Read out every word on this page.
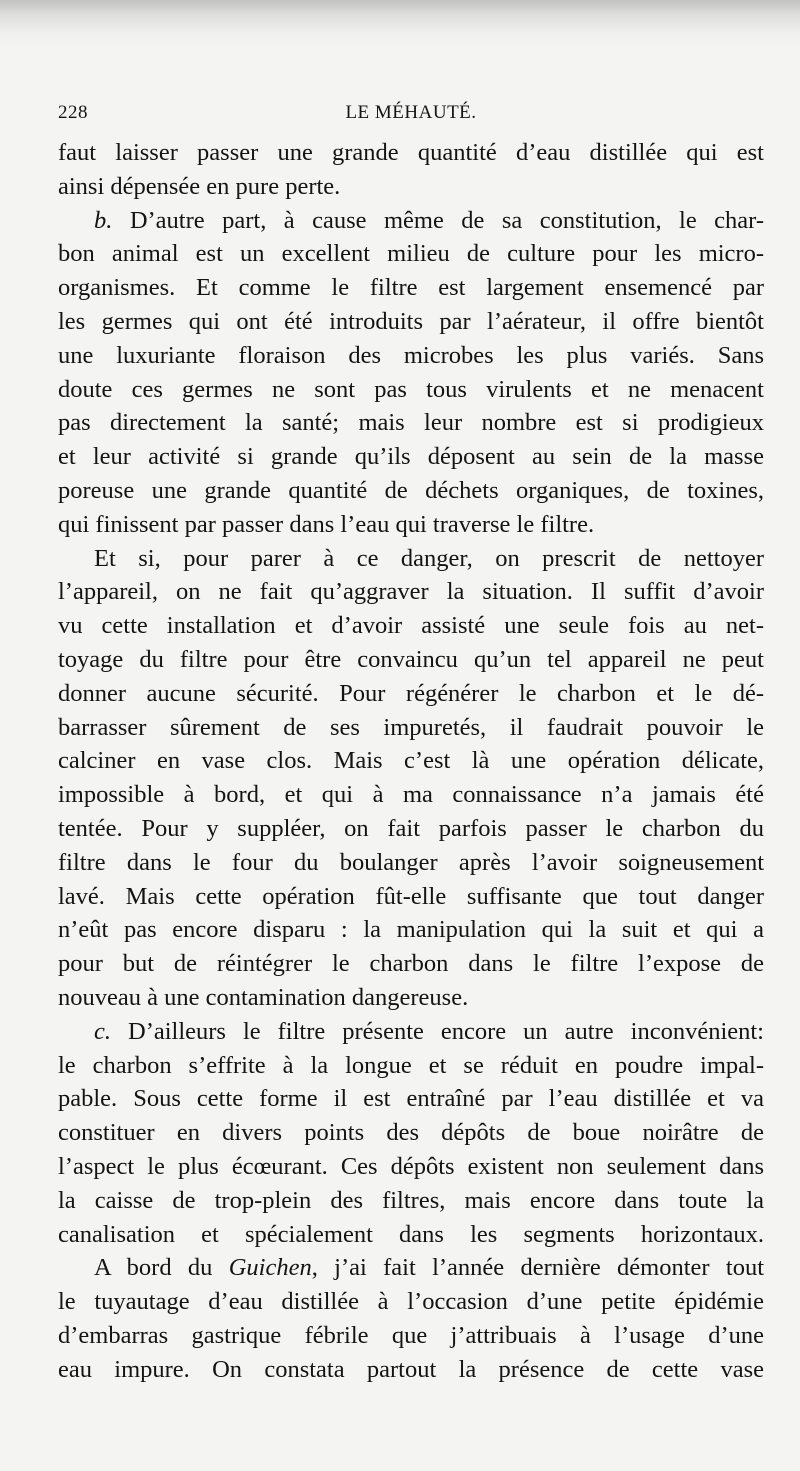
228	LE MÉHAUTÉ.
faut laisser passer une grande quantité d’eau distillée qui est
ainsi dépensée en pure perte.
b. D’autre part, à cause même de sa constitution, le char-
bon animal est un excellent milieu de culture pour les micro-
organismes. Et comme le filtre est largement ensemencé par
les germes qui ont été introduits par l’aérateur, il offre bientôt
une luxuriante floraison des microbes les plus variés. Sans
doute ces germes ne sont pas tous virulents et ne menacent
pas directement la santé; mais leur nombre est si prodigieux
et leur activité si grande qu’ils déposent au sein de la masse
poreuse une grande quantité de déchets organiques, de toxines,
qui finissent par passer dans l’eau qui traverse le filtre.
Et si, pour parer à ce danger, on prescrit de nettoyer
l’appareil, on ne fait qu’aggraver la situation. Il suffit d’avoir
vu cette installation et d’avoir assisté une seule fois au net-
toyage du filtre pour être convaincu qu’un tel appareil ne peut
donner aucune sécurité. Pour régénérer le charbon et le dé-
barrasser sûrement de ses impuretés, il faudrait pouvoir le
calciner en vase clos. Mais c’est là une opération délicate,
impossible à bord, et qui à ma connaissance n’a jamais été
tentée. Pour y suppléer, on fait parfois passer le charbon du
filtre dans le four du boulanger après l’avoir soigneusement
lavé. Mais cette opération fût-elle suffisante que tout danger
n’eût pas encore disparu : la manipulation qui la suit et qui a
pour but de réintégrer le charbon dans le filtre l’expose de
nouveau à une contamination dangereuse.
c. D’ailleurs le filtre présente encore un autre inconvénient:
le charbon s’effrite à la longue et se réduit en poudre impal-
pable. Sous cette forme il est entraîné par l’eau distillée et va
constituer en divers points des dépôts de boue noirâtre de
l’aspect le plus écœurant. Ces dépôts existent non seulement dans
la caisse de trop-plein des filtres, mais encore dans toute la
canalisation et spécialement dans les segments horizontaux.
A bord du Guichen, j’ai fait l’année dernière démonter tout
le tuyautage d’eau distillée à l’occasion d’une petite épidémie
d’embarras gastrique fébrile que j’attribuais à l’usage d’une
eau impure. On constata partout la présence de cette vase
